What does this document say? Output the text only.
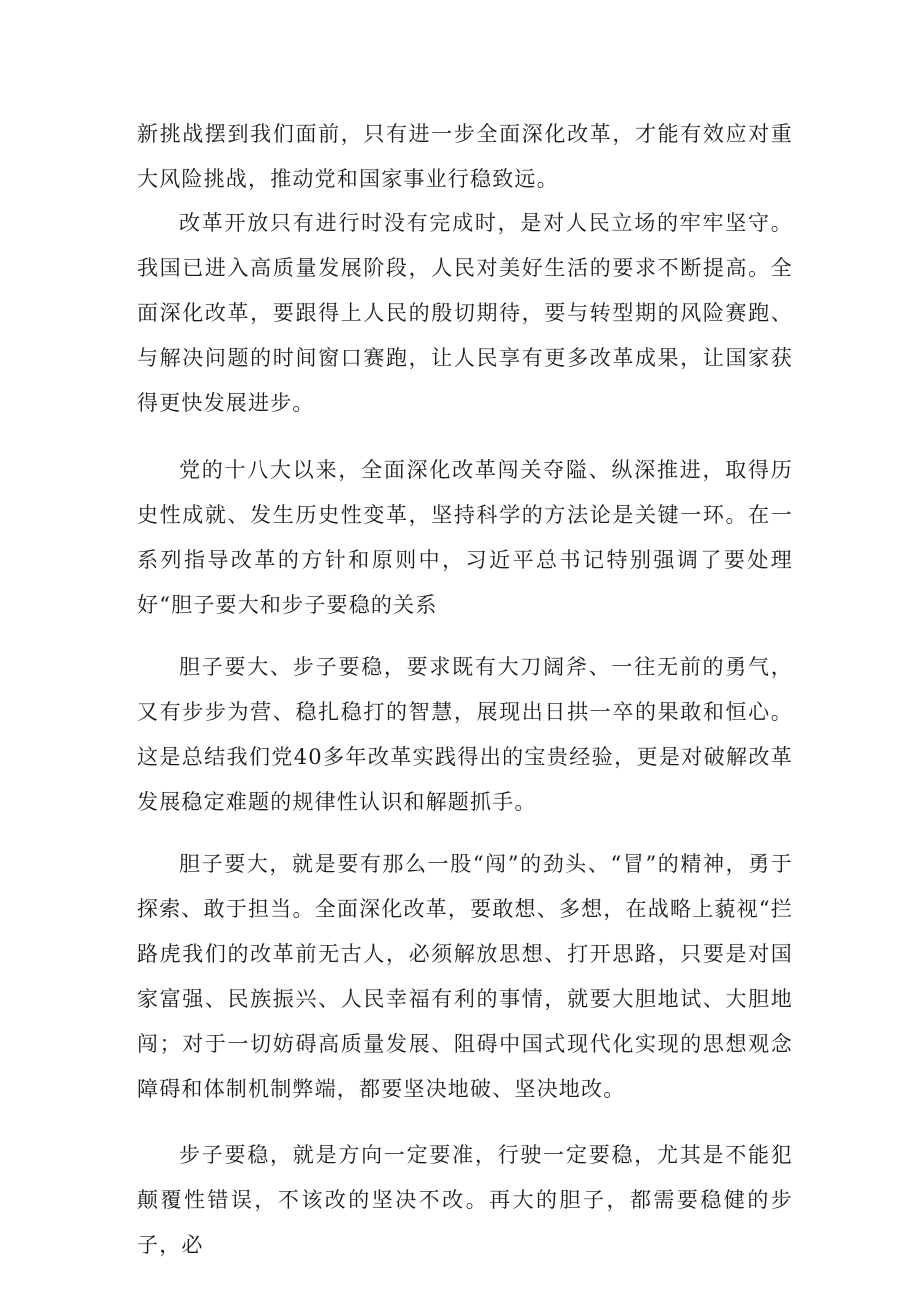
新挑战摆到我们面前，只有进一步全面深化改革，才能有效应对重大风险挑战，推动党和国家事业行稳致远。

改革开放只有进行时没有完成时，是对人民立场的牢牢坚守。我国已进入高质量发展阶段，人民对美好生活的要求不断提高。全面深化改革，要跟得上人民的殷切期待，要与转型期的风险赛跑、与解决问题的时间窗口赛跑，让人民享有更多改革成果，让国家获得更快发展进步。

党的十八大以来，全面深化改革闯关夺隘、纵深推进，取得历史性成就、发生历史性变革，坚持科学的方法论是关键一环。在一系列指导改革的方针和原则中，习近平总书记特别强调了要处理好“胆子要大和步子要稳的关系

胆子要大、步子要稳，要求既有大刀阔斧、一往无前的勇气，又有步步为营、稳扎稳打的智慧，展现出日拱一卒的果敢和恒心。这是总结我们党40多年改革实践得出的宝贵经验，更是对破解改革发展稳定难题的规律性认识和解题抓手。

胆子要大，就是要有那么一股“闯”的劲头、“冒”的精神，勇于探索、敢于担当。全面深化改革，要敢想、多想，在战略上藐视“拦路虎我们的改革前无古人，必须解放思想、打开思路，只要是对国家富强、民族振兴、人民幸福有利的事情，就要大胆地试、大胆地闯；对于一切妨碍高质量发展、阻碍中国式现代化实现的思想观念障碍和体制机制弊端，都要坚决地破、坚决地改。

步子要稳，就是方向一定要准，行驶一定要稳，尤其是不能犯颠覆性错误，不该改的坚决不改。再大的胆子，都需要稳健的步子，必
